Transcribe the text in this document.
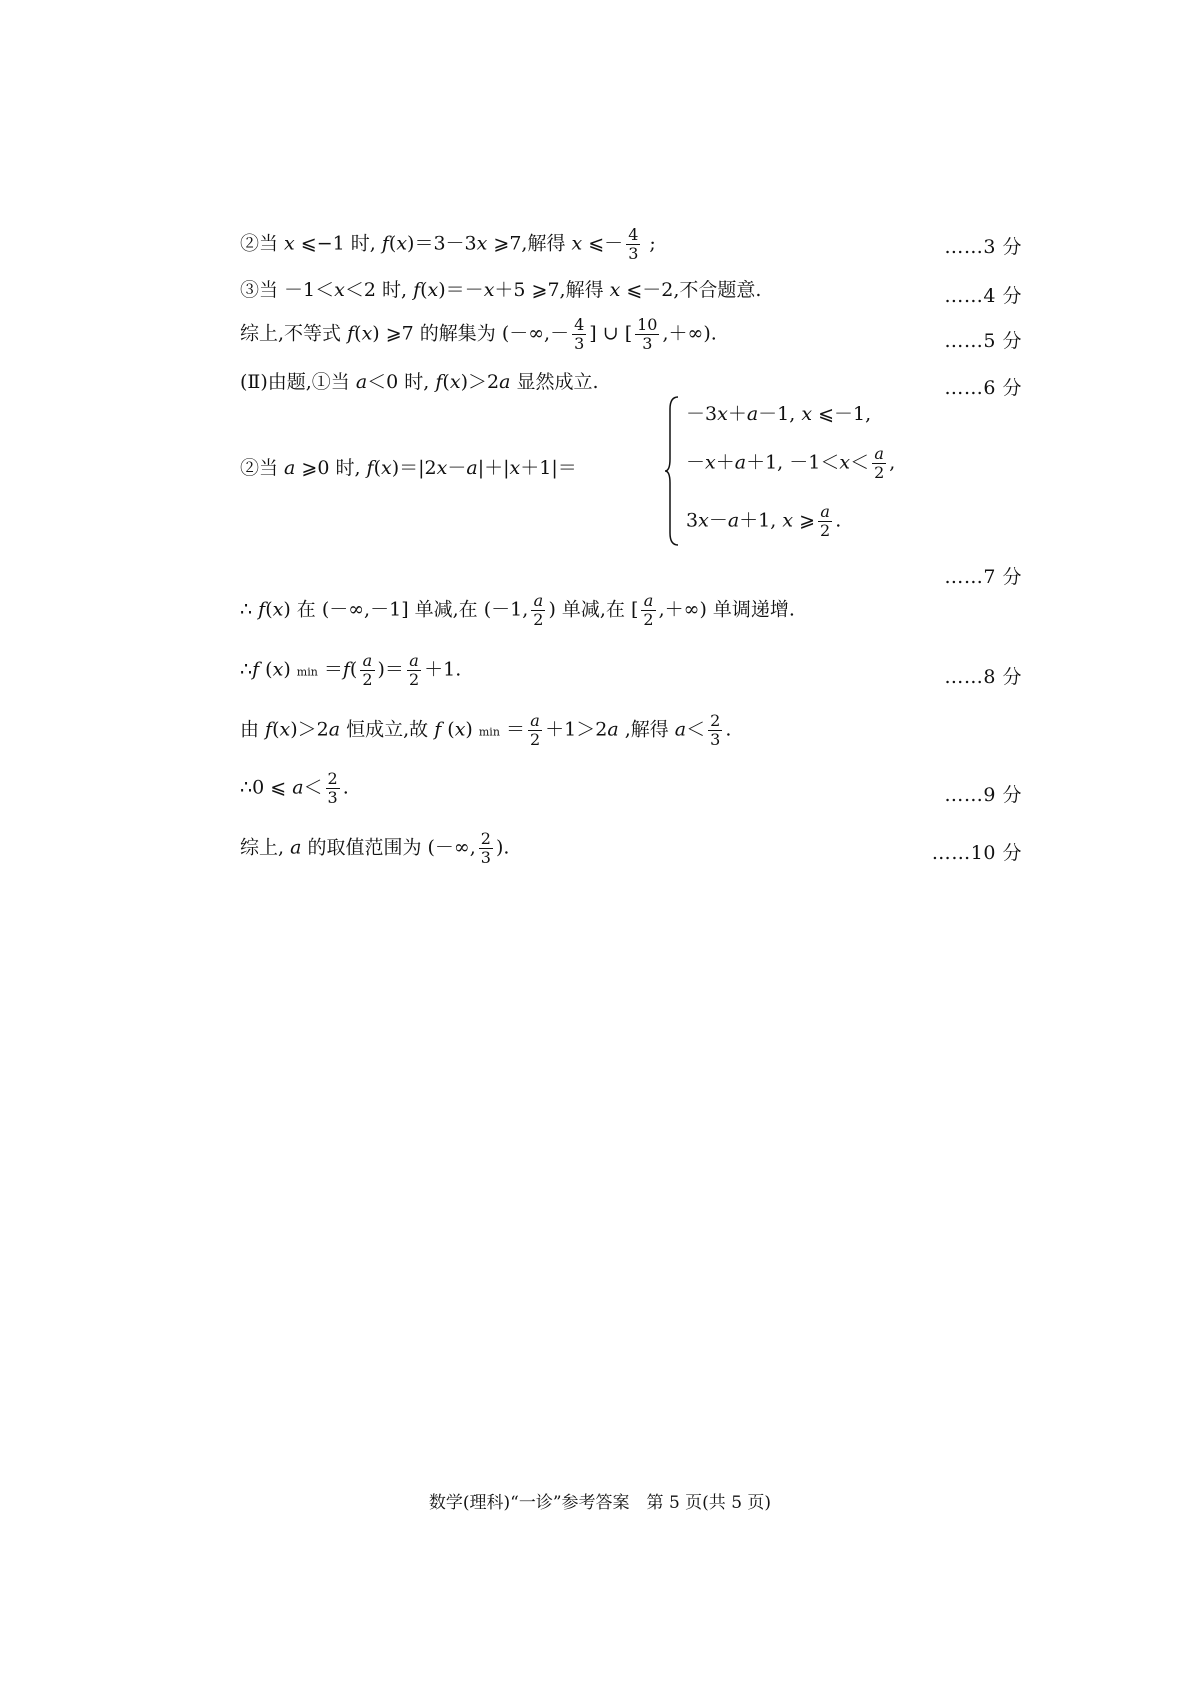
②当 x ⩽−1 时, f(x)＝3－3x ⩾7,解得 x ⩽－ $\frac{4}{3}$ ;	……3 分
③当 －1＜x＜2 时, f(x)＝－x＋5 ⩾7,解得 x ⩽－2,不合题意.	……4 分
综上,不等式 f(x) ⩾7 的解集为 (－∞,－ $\frac{4}{3}$ ] ∪ [ $\frac{10}{3}$ ,＋∞).	……5 分
(Ⅱ)由题,①当 a＜0 时, f(x)＞2a 显然成立.	……6 分
②当 a ⩾0 时, f(x)＝|2x－a|＋|x＋1|＝
－3x＋a－1, x ⩽－1,
－x＋a＋1, $-1<x< \frac{a}{2}$ ,
3x－a＋1, x ⩾ $\frac{a}{2}$ .
……7 分
∴ f(x) 在 (－∞,－1] 单减,在 (－1, $\frac{a}{2}$ ) 单减,在 [ $\frac{a}{2}$ ,＋∞) 单调递增.
∴f (x) $\min =f( \frac{a}{2}$ )＝ $\frac{a}{2} +1$.	……8 分
由 f(x)＞2a 恒成立,故 f (x) $\min = \frac{a}{2} +1>2a$ ,解得 $a< \frac{2}{3}$ .
∴0 ⩽ $a< \frac{2}{3}$ .	……9 分
综上, a 的取值范围为 (－∞, $\frac{2}{3}$ ).	……10 分
数学(理科)“一诊”参考答案　第 5 页(共 5 页)
